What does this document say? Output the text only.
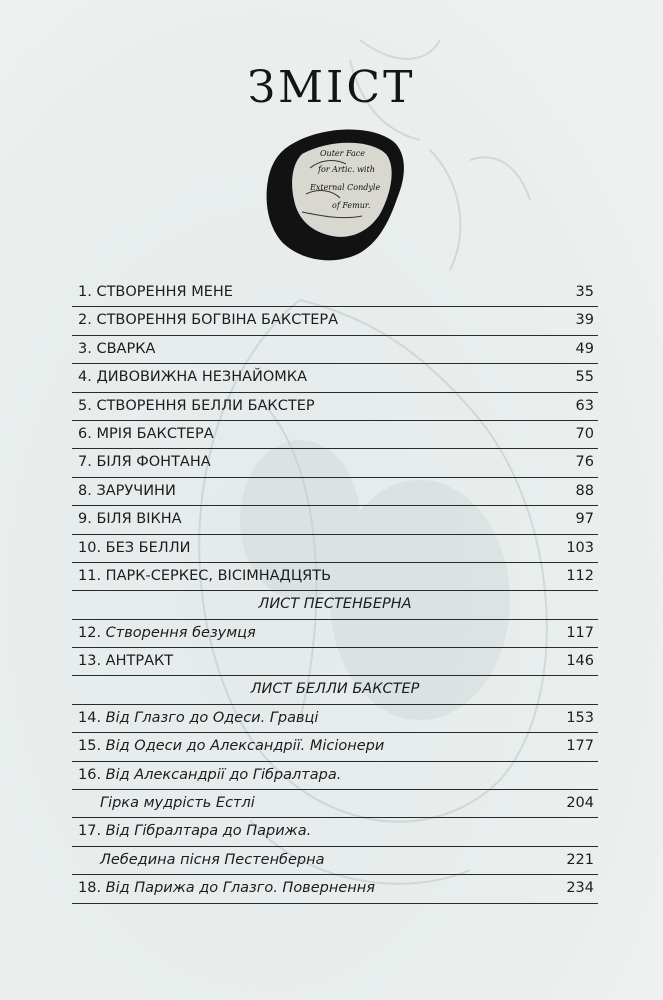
ЗМІСТ
Outer Face
for Artic. with
External Condyle
of Femur.
1. СТВОРЕННЯ МЕНЕ	35
2. СТВОРЕННЯ БОГВІНА БАКСТЕРА	39
3. СВАРКА	49
4. ДИВОВИЖНА НЕЗНАЙОМКА	55
5. СТВОРЕННЯ БЕЛЛИ БАКСТЕР	63
6. МРІЯ БАКСТЕРА	70
7. БІЛЯ ФОНТАНА	76
8. ЗАРУЧИНИ	88
9. БІЛЯ ВІКНА	97
10. БЕЗ БЕЛЛИ	103
11. ПАРК-СЕРКЕС, ВІСІМНАДЦЯТЬ	112
ЛИСТ ПЕСТЕНБЕРНА
12. Створення безумця	117
13. АНТРАКТ	146
ЛИСТ БЕЛЛИ БАКСТЕР
14. Від Глазго до Одеси. Гравці	153
15. Від Одеси до Александрії. Місіонери	177
16. Від Александрії до Гібралтара.
Гірка мудрість Естлі	204
17. Від Гібралтара до Парижа.
Лебедина пісня Пестенберна	221
18. Від Парижа до Глазго. Повернення	234
